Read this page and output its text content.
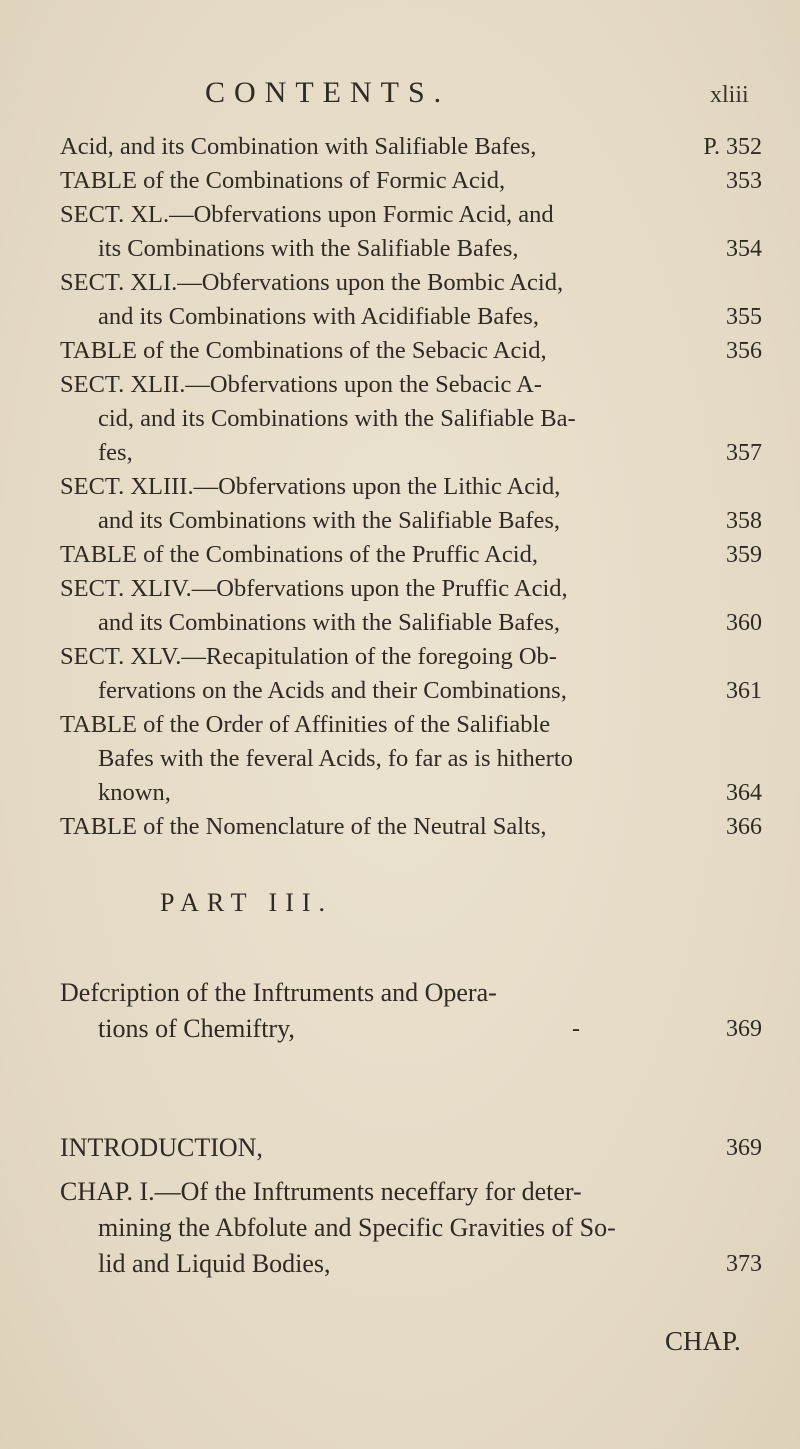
CONTENTS.	xliii
Acid, and its Combination with Salifiable Bafes,	P. 352
TABLE of the Combinations of Formic Acid,	353
SECT. XL.—Obfervations upon Formic Acid, and
its Combinations with the Salifiable Bafes,	354
SECT. XLI.—Obfervations upon the Bombic Acid,
and its Combinations with Acidifiable Bafes,	355
TABLE of the Combinations of the Sebacic Acid,	356
SECT. XLII.—Obfervations upon the Sebacic A-
cid, and its Combinations with the Salifiable Ba-
fes,	357
SECT. XLIII.—Obfervations upon the Lithic Acid,
and its Combinations with the Salifiable Bafes,	358
TABLE of the Combinations of the Pruffic Acid,	359
SECT. XLIV.—Obfervations upon the Pruffic Acid,
and its Combinations with the Salifiable Bafes,	360
SECT. XLV.—Recapitulation of the foregoing Ob-
fervations on the Acids and their Combinations,	361
TABLE of the Order of Affinities of the Salifiable
Bafes with the feveral Acids, fo far as is hitherto
known,	364
TABLE of the Nomenclature of the Neutral Salts,	366
PART III.
Defcription of the Inftruments and Opera-
tions of Chemiftry,	-	369
INTRODUCTION,	369
CHAP. I.—Of the Inftruments neceffary for deter-
mining the Abfolute and Specific Gravities of So-
lid and Liquid Bodies,	373
CHAP.
